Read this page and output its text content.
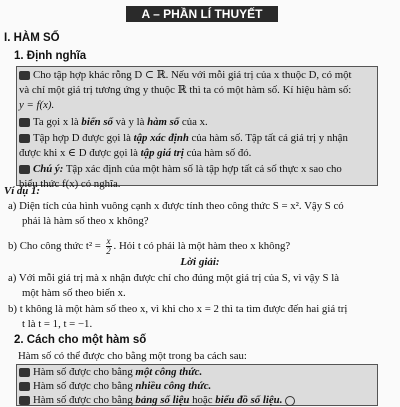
A – PHẦN LÍ THUYẾT
I. HÀM SỐ
1. Định nghĩa
Cho tập hợp khác rỗng D ⊂ ℝ. Nếu với mỗi giá trị của x thuộc D, có một
và chỉ một giá trị tương ứng y thuộc ℝ thì ta có một hàm số. Kí hiệu hàm số:
y = f(x).
Ta gọi x là biến số và y là hàm số của x.
Tập hợp D được gọi là tập xác định của hàm số. Tập tất cả giá trị y nhận
được khi x ∈ D được gọi là tập giá trị của hàm số đó.
Chú ý: Tập xác định của một hàm số là tập hợp tất cả số thực x sao cho
biểu thức f(x) có nghĩa.
Ví dụ 1:
a) Diện tích của hình vuông cạnh x được tính theo công thức S = x². Vậy S có
phải là hàm số theo x không?
b) Cho công thức $t^2 = \frac{x}{2}$ . Hỏi t có phải là một hàm theo x không?
Lời giải:
a) Với mỗi giá trị mà x nhận được chỉ cho đúng một giá trị của S, vì vậy S là
một hàm số theo biến x.
b) t không là một hàm số theo x, vì khi cho x = 2 thì ta tìm được đến hai giá trị
t là t = 1, t = −1.
2. Cách cho một hàm số
Hàm số có thể được cho bằng một trong ba cách sau:
Hàm số được cho bằng một công thức.
Hàm số được cho bằng nhiều công thức.
Hàm số được cho bằng bảng số liệu hoặc biểu đồ số liệu.
